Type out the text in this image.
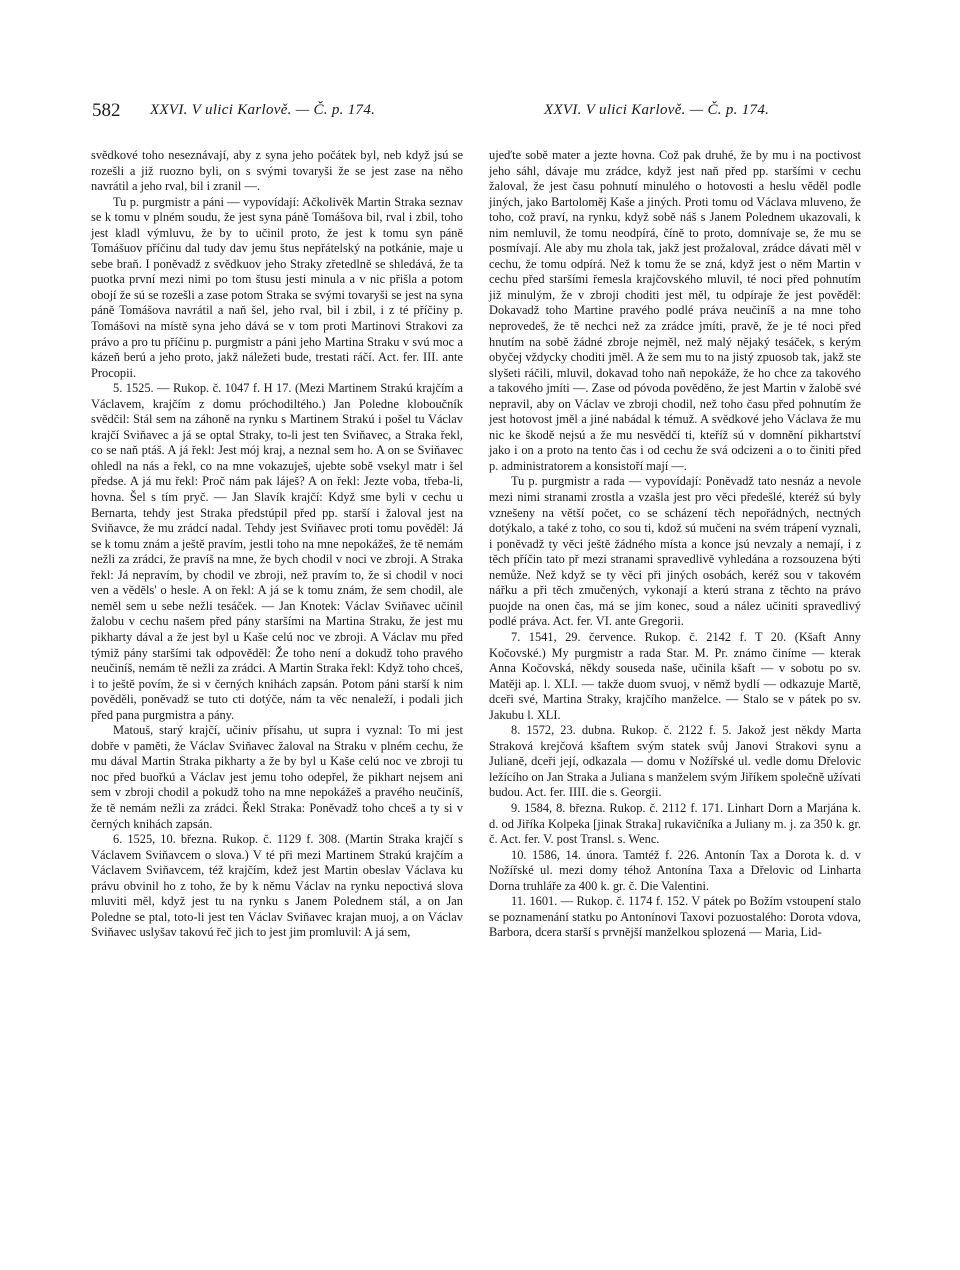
582 XXVI. V ulici Karlově. — Č. p. 174.	XXVI. V ulici Karlově. — Č. p. 174.

svědkové toho neseznávají, aby z syna jeho počátek byl, neb když jsú se rozešli a již ruozno byli, on s svými tovaryši že se jest zase na něho navrátil a jeho rval, bil i zranil —.

Tu p. purgmistr a páni — vypovídají: Ačkolivěk Martin Straka seznav se k tomu v plném soudu, že jest syna páně Tomášova bil, rval i zbil, toho jest kladl výmluvu, že by to učinil proto, že jest k tomu syn páně Tomášuov příčinu dal tudy dav jemu štus nepřátelský na potkánie, maje u sebe braň. I poněvadž z svědkuov jeho Straky zřetedlně se shledává, že ta puotka první mezi nimi po tom štusu jesti minula a v nic přišla a potom obojí že sú se rozešli a zase potom Straka se svými tovaryši se jest na syna páně Tomášova navrátil a naň šel, jeho rval, bil i zbil, i z té příčiny p. Tomášovi na místě syna jeho dává se v tom proti Martinovi Strakovi za právo a pro tu příčinu p. purgmistr a páni jeho Martina Straku v svú moc a kázeň berú a jeho proto, jakž náležeti bude, trestati ráčí. Act. fer. III. ante Procopii.

5. 1525. — Rukop. č. 1047 f. H 17. (Mezi Martinem Strakú krajčím a Václavem, krajčím z domu próchodiltého.) Jan Poledne kloboučník svědčil: Stál sem na záhoně na rynku s Martinem Strakú i pošel tu Václav krajčí Sviňavec a já se optal Straky, to-li jest ten Sviňavec, a Straka řekl, co se naň ptáš. A já řekl: Jest mój kraj, a neznal sem ho. A on se Sviňavec ohledl na nás a řekl, co na mne vokazuješ, ujebte sobě vsekyl matr i šel předse. A já mu řekl: Proč nám pak láješ? A on řekl: Jezte voba, třeba-li, hovna. Šel s tím pryč. — Jan Slavík krajčí: Když sme byli v cechu u Bernarta, tehdy jest Straka předstúpil před pp. starší i žaloval jest na Sviňavce, že mu zrádcí nadal. Tehdy jest Sviňavec proti tomu pověděl: Já se k tomu znám a ještě pravím, jestli toho na mne nepokážeš, že tě nemám nežli za zrádci, že pravíš na mne, že bych chodil v noci ve zbroji. A Straka řekl: Já nepravím, by chodil ve zbroji, než pravím to, že si chodil v noci ven a věděls' o hesle. A on řekl: A já se k tomu znám, že sem chodil, ale neměl sem u sebe nežli tesáček. — Jan Knotek: Václav Sviňavec učinil žalobu v cechu našem před pány staršími na Martina Straku, že jest mu pikharty dával a že jest byl u Kaše celú noc ve zbroji. A Václav mu před týmiž pány staršími tak odpověděl: Že toho není a dokudž toho pravého neučiníš, nemám tě nežli za zrádci. A Martin Straka řekl: Když toho chceš, i to ještě povím, že si v černých knihách zapsán. Potom páni starší k nim pověděli, poněvadž se tuto cti dotýče, nám ta věc nenaleží, i podali jich před pana purgmistra a pány.

Matouš, starý krajčí, učiniv přísahu, ut supra i vyznal: To mi jest dobře v paměti, že Václav Sviňavec žaloval na Straku v plném cechu, že mu dával Martin Straka pikharty a že by byl u Kaše celú noc ve zbroji tu noc před buořkú a Václav jest jemu toho odepřel, že pikhart nejsem ani sem v zbroji chodil a pokudž toho na mne nepokážeš a pravého neučiníš, že tě nemám nežli za zrádci. Řekl Straka: Poněvadž toho chceš a ty si v černých knihách zapsán.

6. 1525, 10. března. Rukop. č. 1129 f. 308. (Martin Straka krajčí s Václavem Sviňavcem o slova.) V té při mezi Martinem Strakú krajčím a Václavem Sviňavcem, též krajčím, kdež jest Martin obeslav Václava ku právu obvinil ho z toho, že by k němu Václav na rynku nepoctivá slova mluviti měl, když jest tu na rynku s Janem Polednem stál, a on Jan Poledne se ptal, toto-li jest ten Václav Sviňavec krajan muoj, a on Václav Sviňavec uslyšav takovú řeč jich to jest jim promluvil: A já sem,

ujeďte sobě mater a jezte hovna. Což pak druhé, že by mu i na poctivost jeho sáhl, dávaje mu zrádce, když jest naň před pp. staršími v cechu žaloval, že jest času pohnutí minulého o hotovosti a heslu věděl podle jiných, jako Bartoloměj Kaše a jiných. Proti tomu od Václava mluveno, že toho, což praví, na rynku, když sobě náš s Janem Polednem ukazovali, k nim nemluvil, že tomu neodpírá, číně to proto, domnívaje se, že mu se posmívají. Ale aby mu zhola tak, jakž jest prožaloval, zrádce dávati měl v cechu, že tomu odpírá. Než k tomu že se zná, když jest o něm Martin v cechu před staršími řemesla krajčovského mluvil, té noci před pohnutím již minulým, že v zbroji choditi jest měl, tu odpíraje že jest pověděl: Dokavadž toho Martine pravého podlé práva neučiníš a na mne toho neprovedeš, že tě nechci než za zrádce jmíti, pravě, že je té noci před hnutím na sobě žádné zbroje nejměl, než malý nějaký tesáček, s kerým obyčej vždycky choditi jměl. A že sem mu to na jistý zpuosob tak, jakž ste slyšeti ráčili, mluvil, dokavad toho naň nepokáže, že ho chce za takového a takového jmíti —. Zase od póvoda pověděno, že jest Martin v žalobě své nepravil, aby on Václav ve zbroji chodil, než toho času před pohnutím že jest hotovost jměl a jiné nabádal k témuž. A svědkové jeho Václava že mu nic ke škodě nejsú a že mu nesvědčí ti, kteříž sú v domnění pikhartství jako i on a proto na tento čas i od cechu že svá odcizeni a o to činiti před p. administratorem a konsistoří mají —.

Tu p. purgmistr a rada — vypovídají: Poněvadž tato nesnáz a nevole mezi nimi stranami zrostla a vzašla jest pro věci předešlé, kteréž sú byly vznešeny na větší počet, co se scházení těch nepořádných, nectných dotýkalo, a také z toho, co sou ti, kdož sú mučeni na svém trápení vyznali, i poněvadž ty věci ještě žádného místa a konce jsú nevzaly a nemají, i z těch příčin tato př mezi stranami spravedlivě vyhledána a rozsouzena býti nemůže. Než když se ty věci při jiných osobách, keréž sou v takovém nářku a při těch zmučených, vykonají a kterú strana z těchto na právo puojde na onen čas, má se jim konec, soud a nález učiniti spravedlivý podlé práva. Act. fer. VI. ante Gregorii.

7. 1541, 29. července. Rukop. č. 2142 f. T 20. (Kšaft Anny Kočovské.) My purgmistr a rada Star. M. Pr. známo činíme — kterak Anna Kočovská, někdy souseda naše, učinila kšaft — v sobotu po sv. Matěji ap. l. XLI. — takže duom svuoj, v němž bydlí — odkazuje Martě, dceři své, Martina Straky, krajčího manželce. — Stalo se v pátek po sv. Jakubu l. XLI.

8. 1572, 23. dubna. Rukop. č. 2122 f. 5. Jakož jest někdy Marta Straková krejčová kšaftem svým statek svůj Janovi Strakovi synu a Julianě, dceři její, odkazala — domu v Nožířské ul. vedle domu Dřelovic ležícího on Jan Straka a Juliana s manželem svým Jiříkem společně užívati budou. Act. fer. IIII. die s. Georgii.

9. 1584, 8. března. Rukop. č. 2112 f. 171. Linhart Dorn a Marjána k. d. od Jiříka Kolpeka [jinak Straka] rukavičníka a Juliany m. j. za 350 k. gr. č. Act. fer. V. post Transl. s. Wenc.

10. 1586, 14. února. Tamtéž f. 226. Antonín Tax a Dorota k. d. v Nožířské ul. mezi domy téhož Antonína Taxa a Dřelovic od Linharta Dorna truhláře za 400 k. gr. č. Die Valentini.

11. 1601. — Rukop. č. 1174 f. 152. V pátek po Božím vstoupení stalo se poznamenání statku po Antonínovi Taxovi pozuostalého: Dorota vdova, Barbora, dcera starší s prvnější manželkou splozená — Maria, Lid-
